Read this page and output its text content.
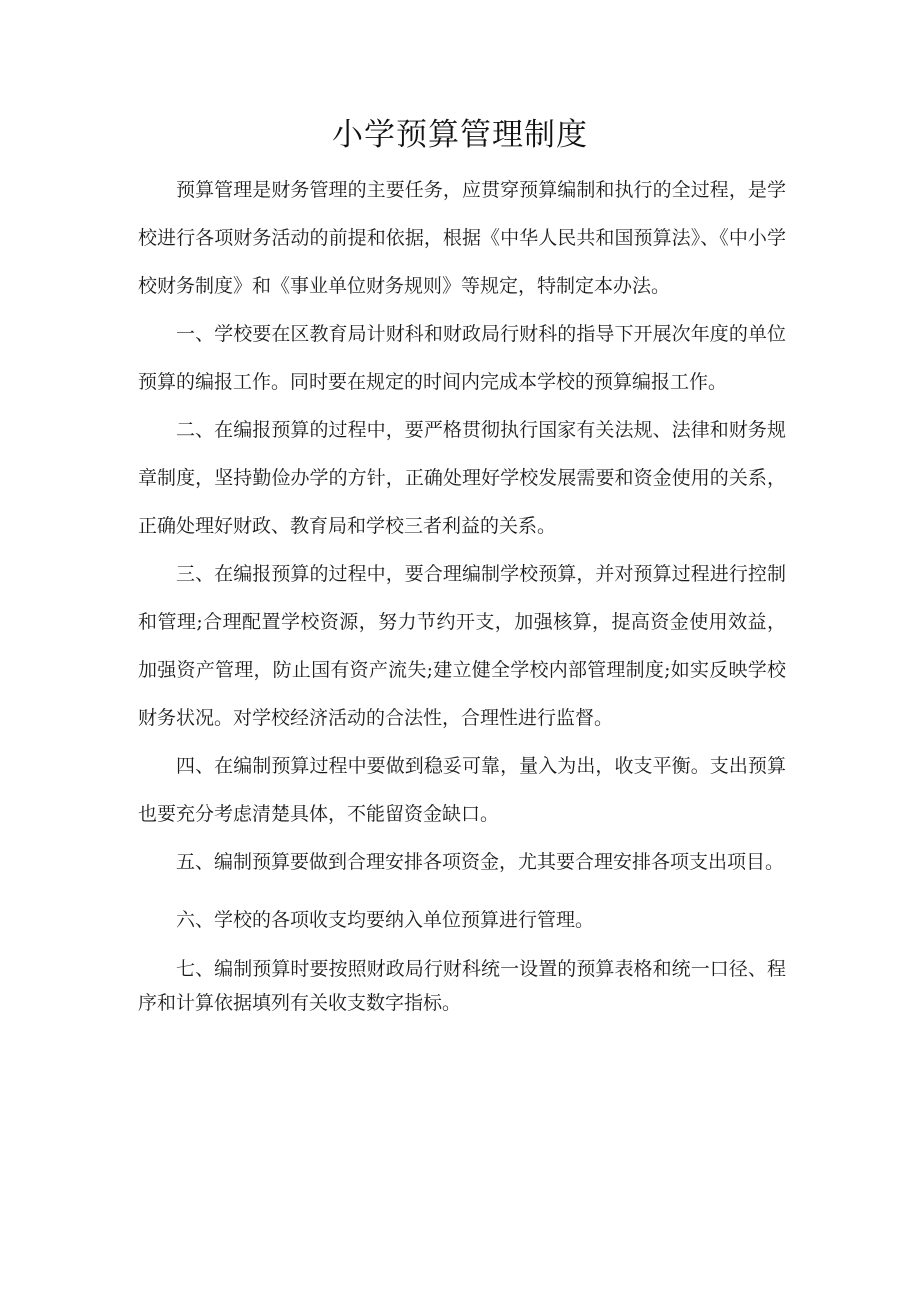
小学预算管理制度

预算管理是财务管理的主要任务，应贯穿预算编制和执行的全过程，是学校进行各项财务活动的前提和依据，根据《中华人民共和国预算法》、《中小学校财务制度》和《事业单位财务规则》等规定，特制定本办法。

一、学校要在区教育局计财科和财政局行财科的指导下开展次年度的单位预算的编报工作。同时要在规定的时间内完成本学校的预算编报工作。

二、在编报预算的过程中，要严格贯彻执行国家有关法规、法律和财务规章制度，坚持勤俭办学的方针，正确处理好学校发展需要和资金使用的关系，正确处理好财政、教育局和学校三者利益的关系。

三、在编报预算的过程中，要合理编制学校预算，并对预算过程进行控制和管理;合理配置学校资源，努力节约开支，加强核算，提高资金使用效益，加强资产管理，防止国有资产流失;建立健全学校内部管理制度;如实反映学校财务状况。对学校经济活动的合法性，合理性进行监督。

四、在编制预算过程中要做到稳妥可靠，量入为出，收支平衡。支出预算也要充分考虑清楚具体，不能留资金缺口。

五、编制预算要做到合理安排各项资金，尤其要合理安排各项支出项目。

六、学校的各项收支均要纳入单位预算进行管理。

七、编制预算时要按照财政局行财科统一设置的预算表格和统一口径、程序和计算依据填列有关收支数字指标。
